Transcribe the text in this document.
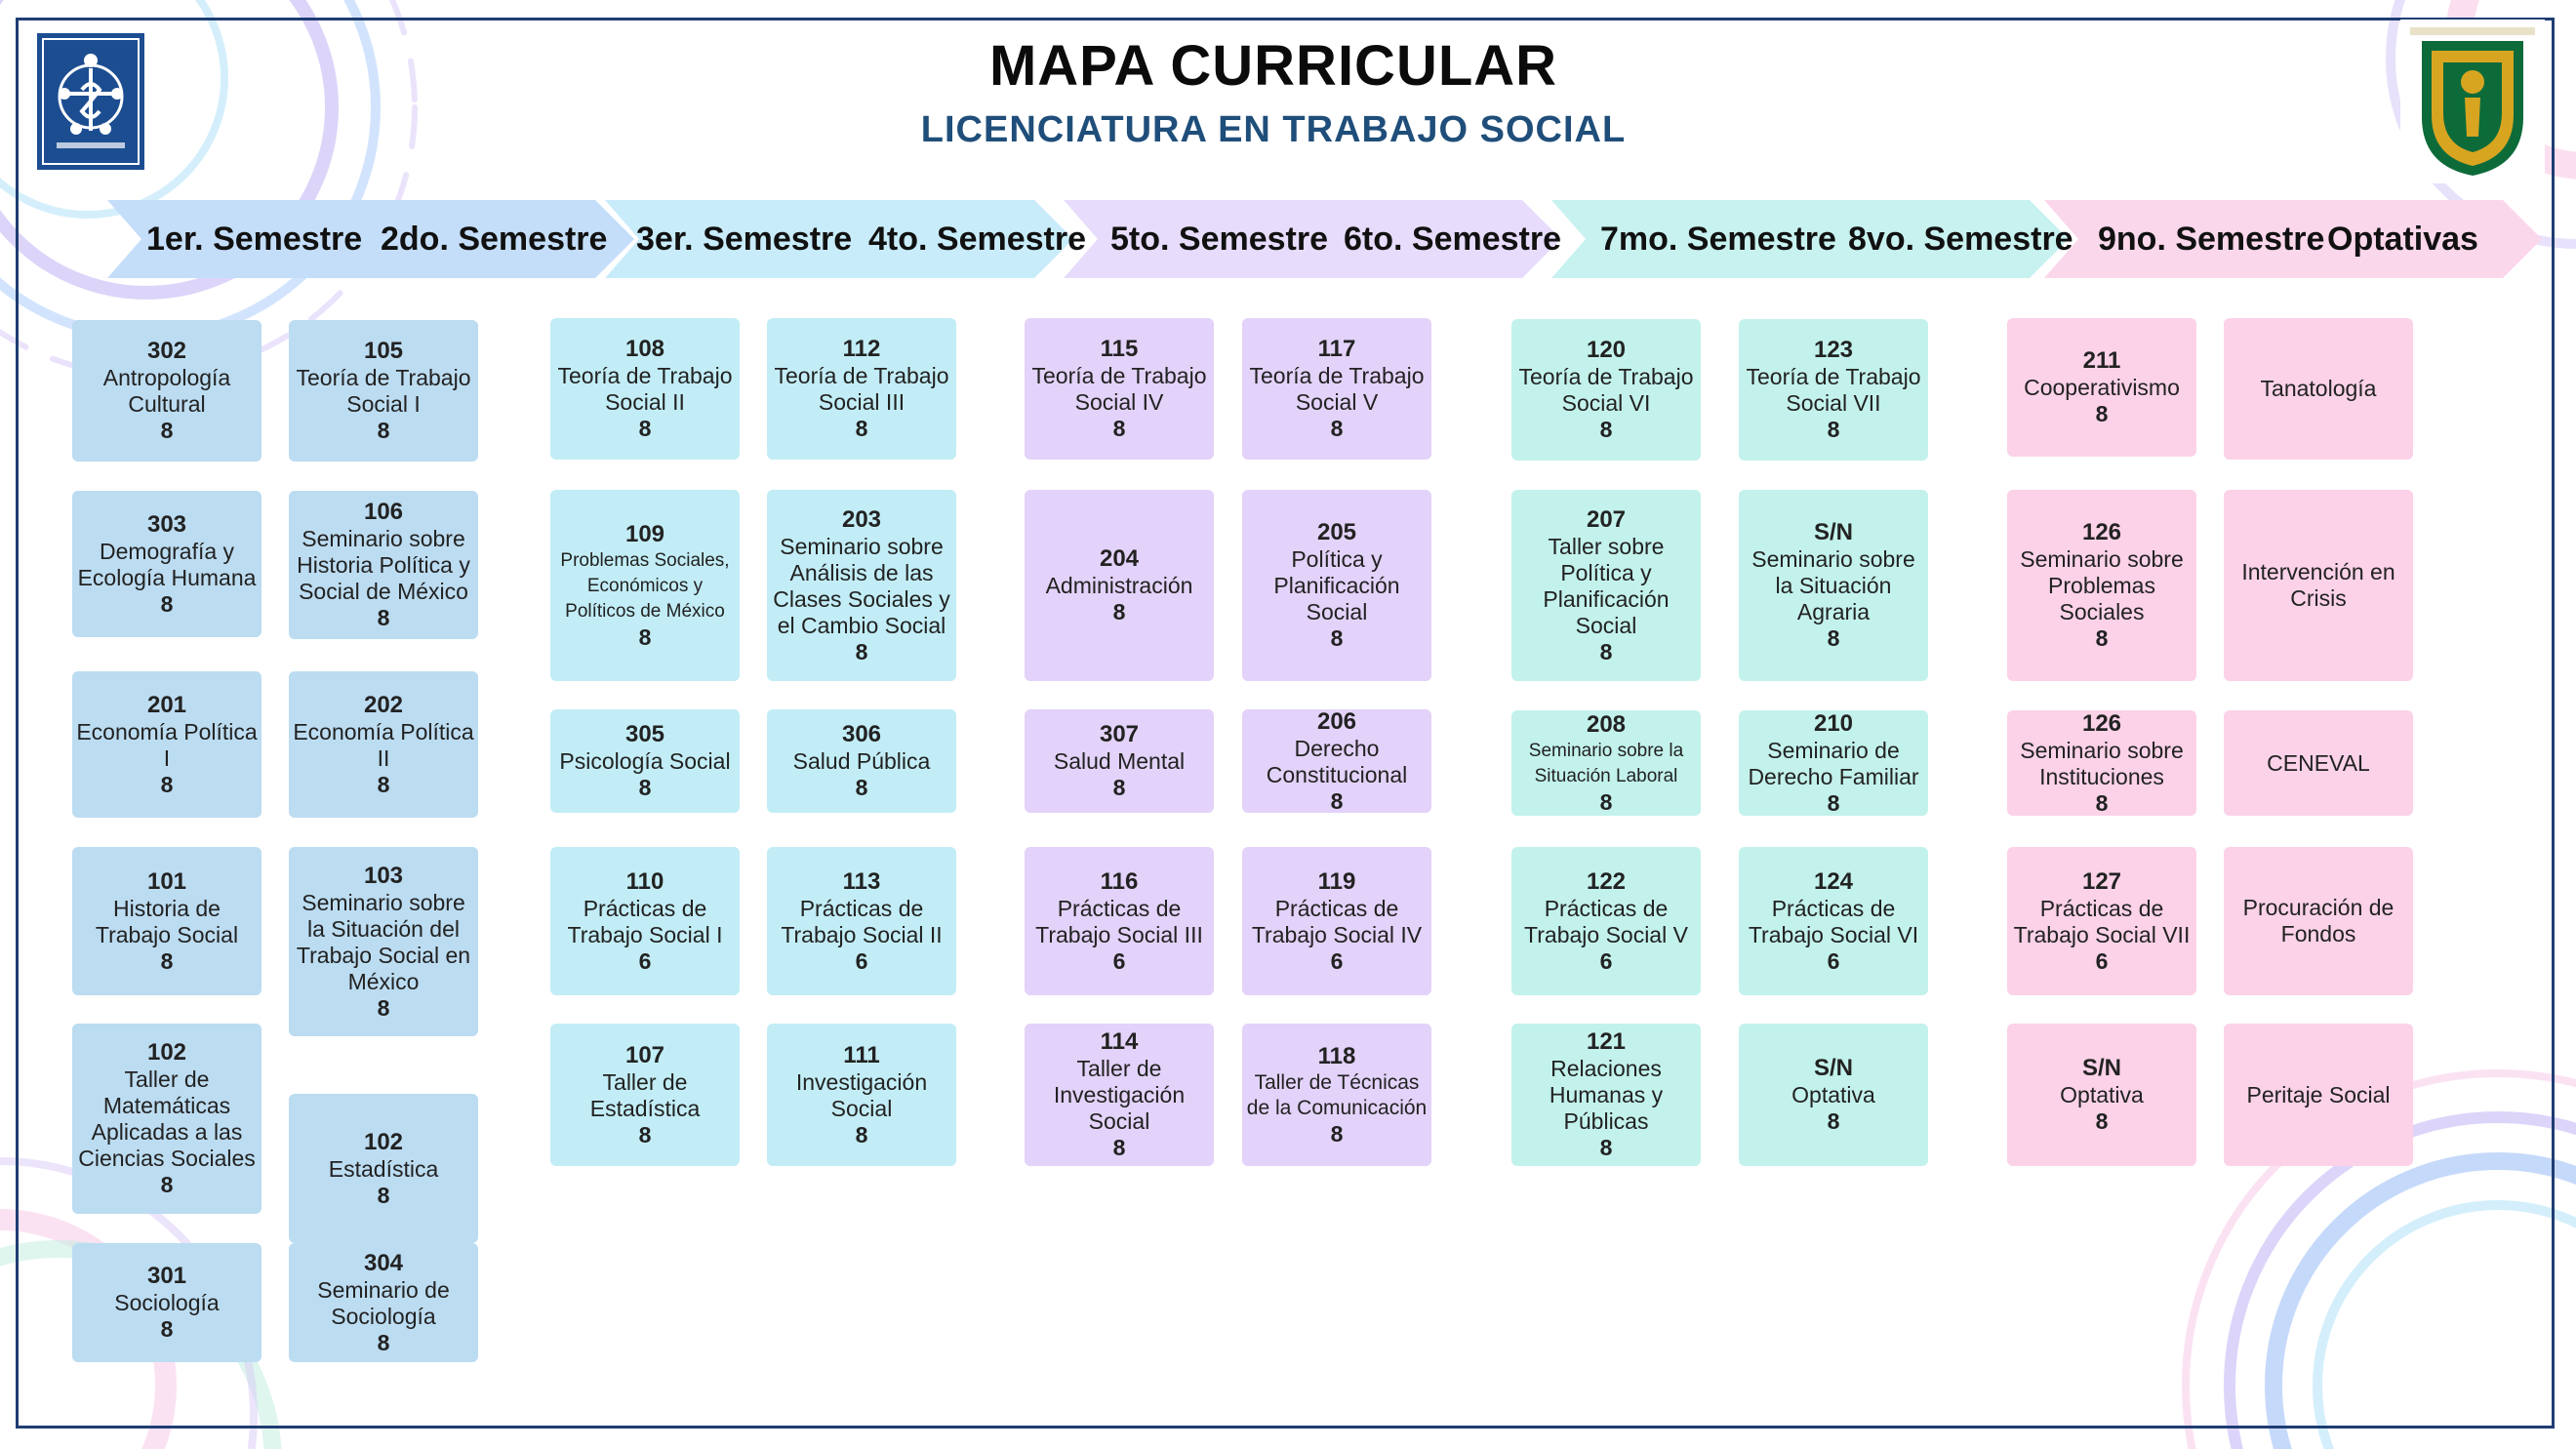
MAPA CURRICULAR
LICENCIATURA EN TRABAJO SOCIAL
1er. Semestre 2do. Semestre 3er. Semestre 4to. Semestre 5to. Semestre 6to. Semestre 7mo. Semestre 8vo. Semestre 9no. Semestre Optativas
302
Antropología Cultural
8
303
Demografía y Ecología Humana
8
201
Economía Política I
8
101
Historia de Trabajo Social
8
102
Taller de Matemáticas Aplicadas a las Ciencias Sociales
8
301
Sociología
8
105
Teoría de Trabajo Social I
8
106
Seminario sobre Historia Política y Social de México
8
202
Economía Política II
8
103
Seminario sobre la Situación del Trabajo Social en México
8
102
Estadística
8
304
Seminario de Sociología
8
108
Teoría de Trabajo Social II
8
109
Problemas Sociales, Económicos y Políticos de México
8
305
Psicología Social
8
110
Prácticas de Trabajo Social I
6
107
Taller de Estadística
8
112
Teoría de Trabajo Social III
8
203
Seminario sobre Análisis de las Clases Sociales y el Cambio Social
8
306
Salud Pública
8
113
Prácticas de Trabajo Social II
6
111
Investigación Social
8
115
Teoría de Trabajo Social IV
8
204
Administración
8
307
Salud Mental
8
116
Prácticas de Trabajo Social III
6
114
Taller de Investigación Social
8
117
Teoría de Trabajo Social V
8
205
Política y Planificación Social
8
206
Derecho Constitucional
8
119
Prácticas de Trabajo Social IV
6
118
Taller de Técnicas de la Comunicación
8
120
Teoría de Trabajo Social VI
8
207
Taller sobre Política y Planificación Social
8
208
Seminario sobre la Situación Laboral
8
122
Prácticas de Trabajo Social V
6
121
Relaciones Humanas y Públicas
8
123
Teoría de Trabajo Social VII
8
S/N
Seminario sobre la Situación Agraria
8
210
Seminario de Derecho Familiar
8
124
Prácticas de Trabajo Social VI
6
S/N
Optativa
8
211
Cooperativismo
8
126
Seminario sobre Problemas Sociales
8
126
Seminario sobre Instituciones
8
127
Prácticas de Trabajo Social VII
6
S/N
Optativa
8
Tanatología
Intervención en Crisis
CENEVAL
Procuración de Fondos
Peritaje Social
